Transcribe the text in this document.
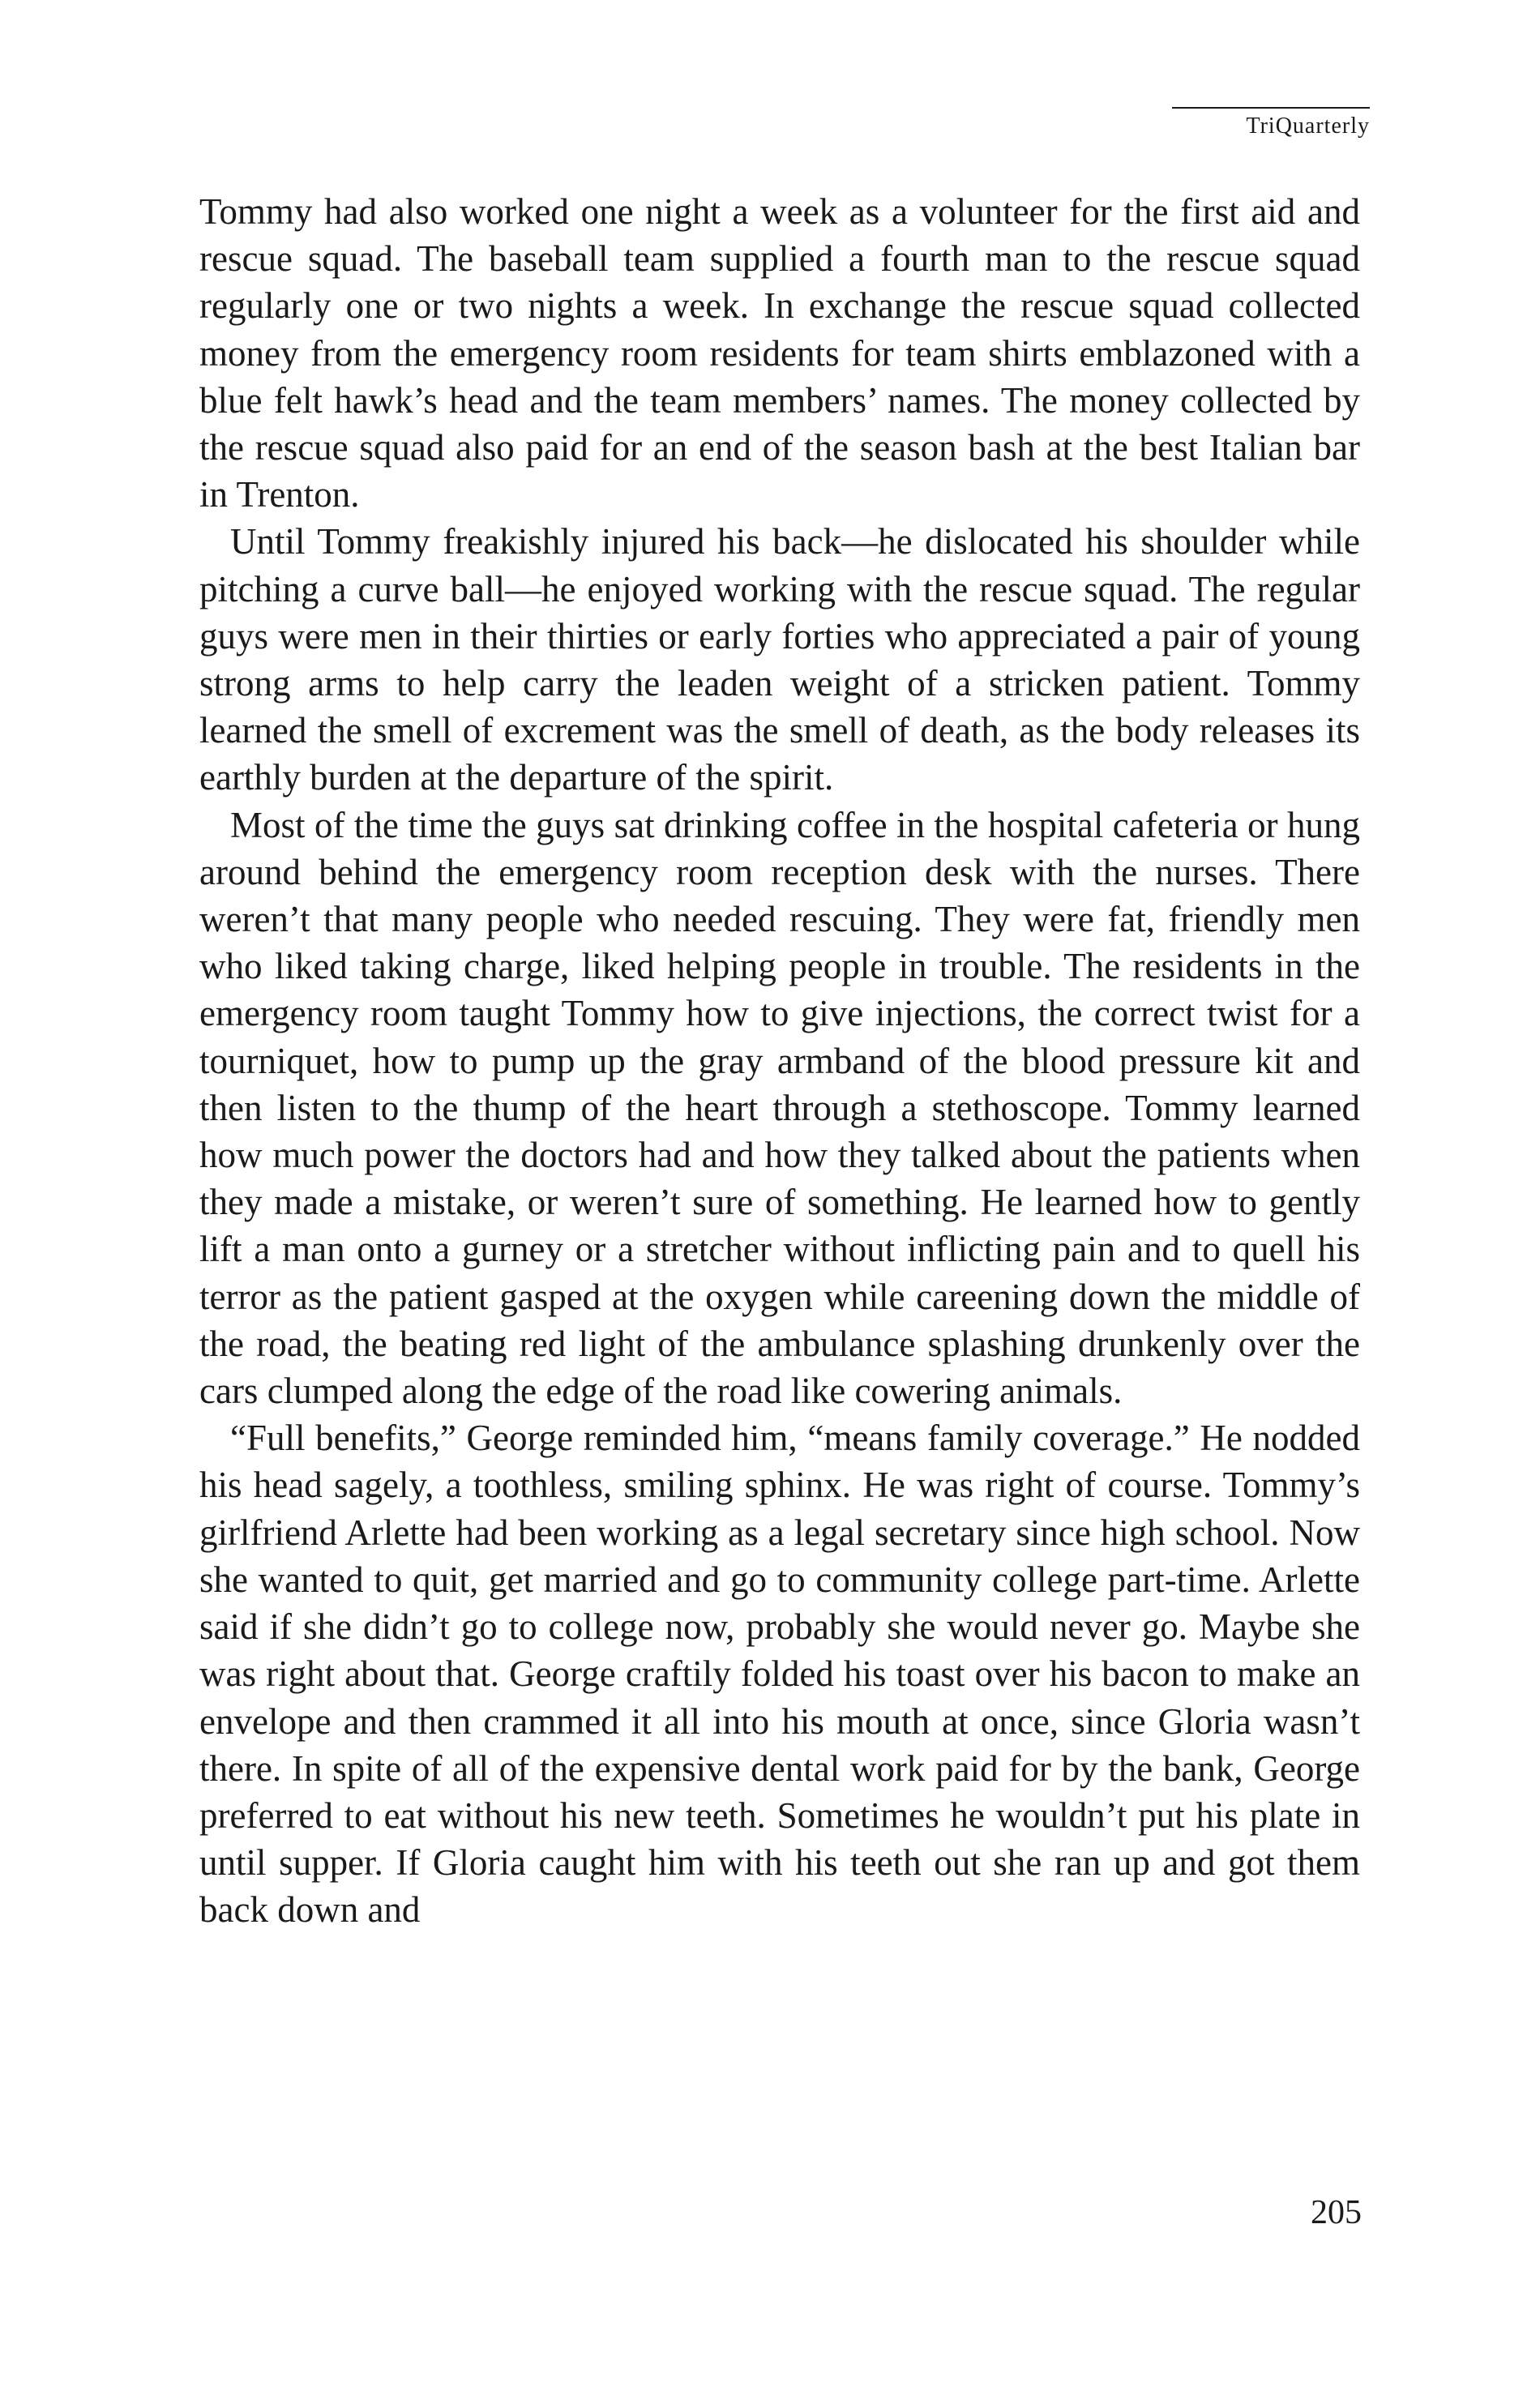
TriQuarterly

Tommy had also worked one night a week as a volunteer for the first aid and rescue squad. The baseball team supplied a fourth man to the rescue squad regularly one or two nights a week. In exchange the rescue squad collected money from the emergency room residents for team shirts emblazoned with a blue felt hawk’s head and the team members’ names. The money collected by the rescue squad also paid for an end of the season bash at the best Italian bar in Trenton.

Until Tommy freakishly injured his back—he dislocated his shoulder while pitching a curve ball—he enjoyed working with the rescue squad. The regular guys were men in their thirties or early forties who appreciated a pair of young strong arms to help carry the leaden weight of a stricken patient. Tommy learned the smell of excrement was the smell of death, as the body releases its earthly burden at the departure of the spirit.

Most of the time the guys sat drinking coffee in the hospital cafeteria or hung around behind the emergency room reception desk with the nurses. There weren’t that many people who needed rescuing. They were fat, friendly men who liked taking charge, liked helping people in trouble. The residents in the emergency room taught Tommy how to give injections, the correct twist for a tourniquet, how to pump up the gray armband of the blood pressure kit and then listen to the thump of the heart through a stethoscope. Tommy learned how much power the doctors had and how they talked about the patients when they made a mistake, or weren’t sure of something. He learned how to gently lift a man onto a gurney or a stretcher without inflicting pain and to quell his terror as the patient gasped at the oxygen while careening down the middle of the road, the beating red light of the ambulance splashing drunkenly over the cars clumped along the edge of the road like cowering animals.

“Full benefits,” George reminded him, “means family coverage.” He nodded his head sagely, a toothless, smiling sphinx. He was right of course. Tommy’s girlfriend Arlette had been working as a legal secretary since high school. Now she wanted to quit, get married and go to community college part-time. Arlette said if she didn’t go to college now, probably she would never go. Maybe she was right about that. George craftily folded his toast over his bacon to make an envelope and then crammed it all into his mouth at once, since Gloria wasn’t there. In spite of all of the expensive dental work paid for by the bank, George preferred to eat without his new teeth. Sometimes he wouldn’t put his plate in until supper. If Gloria caught him with his teeth out she ran up and got them back down and

205
